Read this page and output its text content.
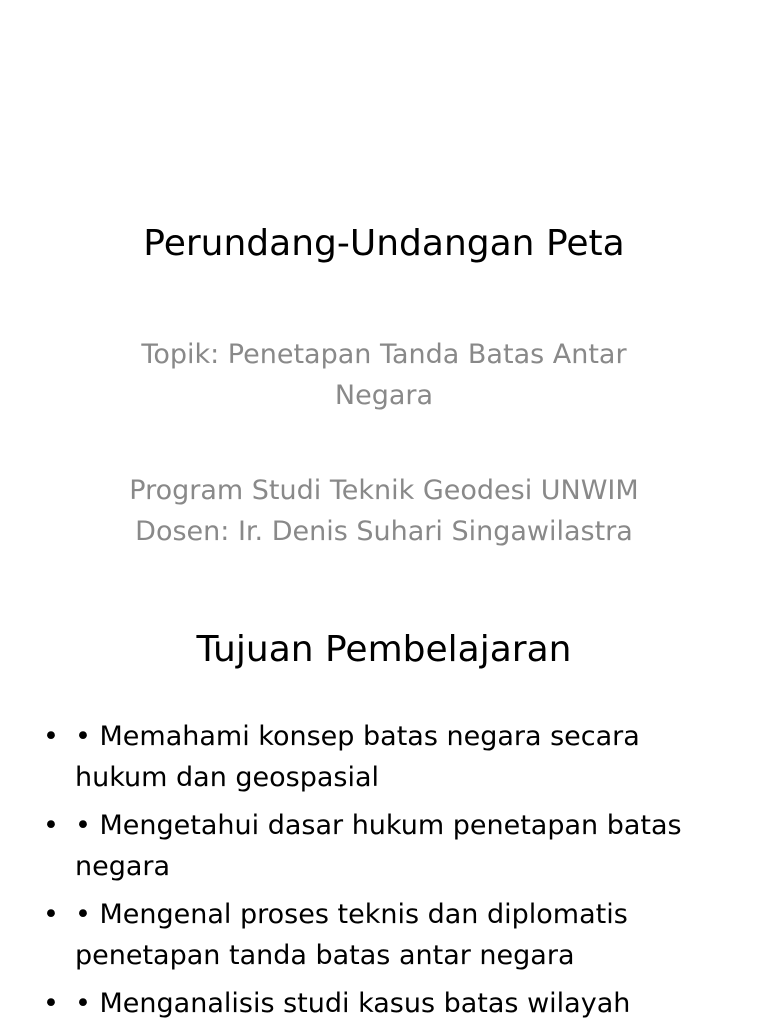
Perundang-Undangan Peta
Topik: Penetapan Tanda Batas Antar Negara
Program Studi Teknik Geodesi UNWIM
Dosen: Ir. Denis Suhari Singawilastra
Tujuan Pembelajaran
• • Memahami konsep batas negara secara hukum dan geospasial
• • Mengetahui dasar hukum penetapan batas negara
• • Mengenal proses teknis dan diplomatis penetapan tanda batas antar negara
• • Menganalisis studi kasus batas wilayah
